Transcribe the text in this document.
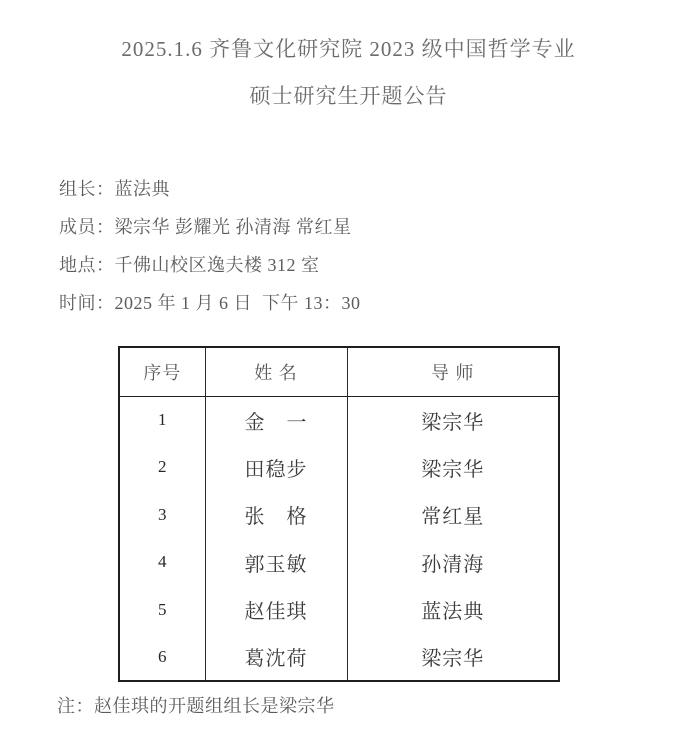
2025.1.6 齐鲁文化研究院 2023 级中国哲学专业
硕士研究生开题公告
组长：蓝法典
成员：梁宗华 彭耀光 孙清海 常红星
地点：千佛山校区逸夫楼 312 室
时间：2025 年 1 月 6 日  下午 13：30
序号	姓 名	导 师
1	金　一	梁宗华
2	田稳步	梁宗华
3	张　格	常红星
4	郭玉敏	孙清海
5	赵佳琪	蓝法典
6	葛沈荷	梁宗华
注：赵佳琪的开题组组长是梁宗华
